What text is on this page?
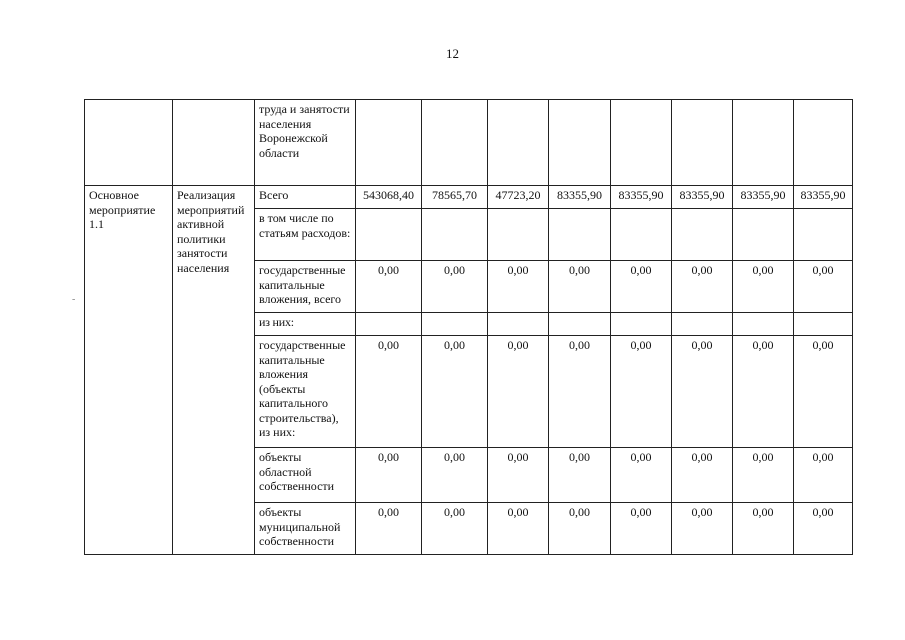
12
		труда и занятости населения Воронежской области								
Основное мероприятие 1.1	Реализация мероприятий активной политики занятости населения	Всего	543068,40	78565,70	47723,20	83355,90	83355,90	83355,90	83355,90	83355,90
		в том числе по статьям расходов:								
		государственные капитальные вложения, всего	0,00	0,00	0,00	0,00	0,00	0,00	0,00	0,00
		из них:								
		государственные капитальные вложения (объекты капитального строительства), из них:	0,00	0,00	0,00	0,00	0,00	0,00	0,00	0,00
		объекты областной собственности	0,00	0,00	0,00	0,00	0,00	0,00	0,00	0,00
		объекты муниципальной собственности	0,00	0,00	0,00	0,00	0,00	0,00	0,00	0,00
-
